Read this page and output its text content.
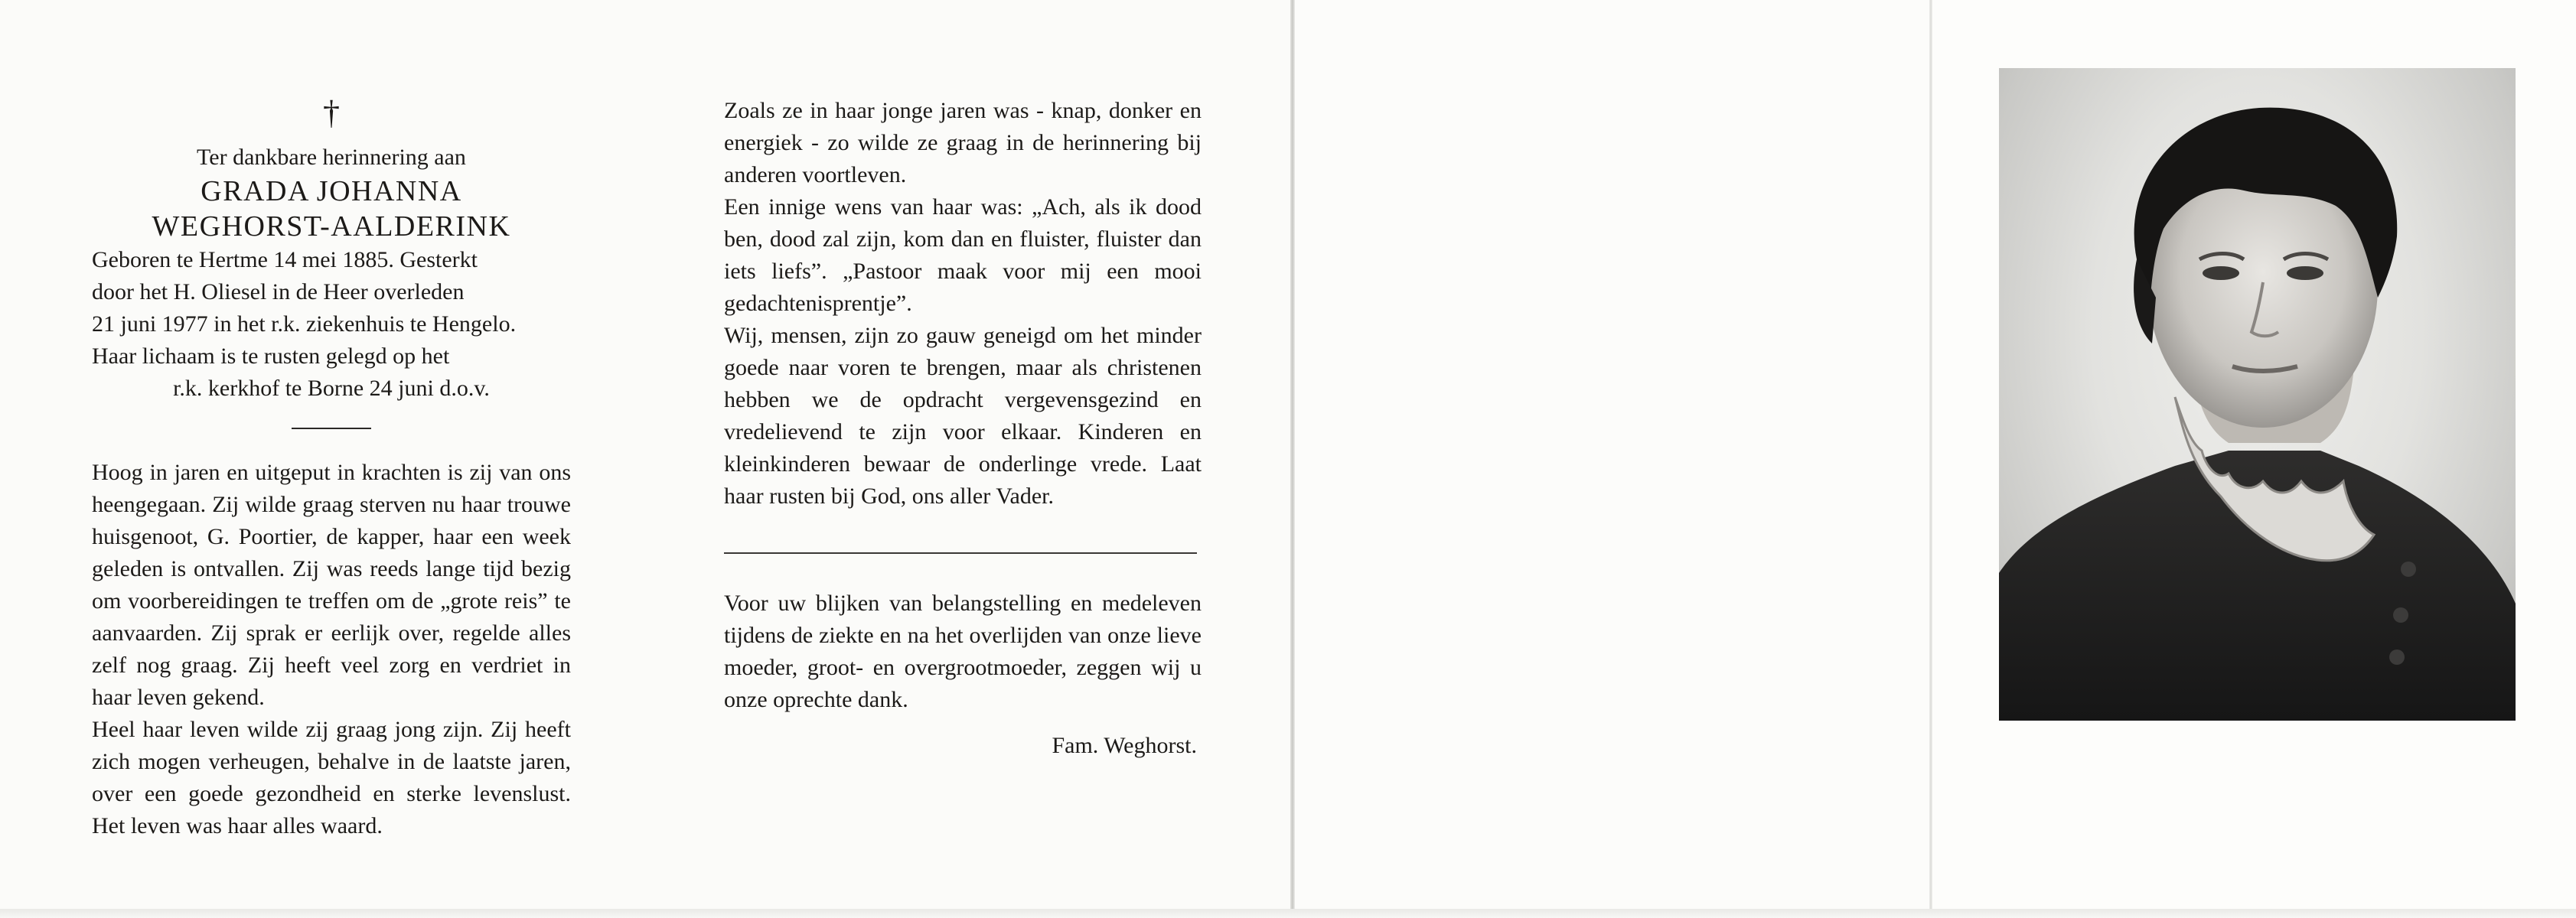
†

Ter dankbare herinnering aan

GRADA JOHANNA

WEGHORST-AALDERINK

Geboren te Hertme 14 mei 1885. Gesterkt

door het H. Oliesel in de Heer overleden

21 juni 1977 in het r.k. ziekenhuis te Hengelo.

Haar lichaam is te rusten gelegd op het

r.k. kerkhof te Borne 24 juni d.o.v.

Hoog in jaren en uitgeput in krachten is zij van ons heengegaan. Zij wilde graag sterven nu haar trouwe huisgenoot, G. Poortier, de kapper, haar een week geleden is ontvallen. Zij was reeds lange tijd bezig om voorbereidingen te treffen om de „grote reis” te aanvaarden. Zij sprak er eerlijk over, regelde alles zelf nog graag. Zij heeft veel zorg en verdriet in haar leven gekend.

Heel haar leven wilde zij graag jong zijn. Zij heeft zich mogen verheugen, behalve in de laatste jaren, over een goede gezondheid en sterke levenslust. Het leven was haar alles waard.

Zoals ze in haar jonge jaren was - knap, donker en energiek - zo wilde ze graag in de herinnering bij anderen voortleven.

Een innige wens van haar was: „Ach, als ik dood ben, dood zal zijn, kom dan en fluister, fluister dan iets liefs”. „Pastoor maak voor mij een mooi gedachtenisprentje”.

Wij, mensen, zijn zo gauw geneigd om het minder goede naar voren te brengen, maar als christenen hebben we de opdracht vergevensgezind en vredelievend te zijn voor elkaar. Kinderen en kleinkinderen bewaar de onderlinge vrede. Laat haar rusten bij God, ons aller Vader.

Voor uw blijken van belangstelling en medeleven tijdens de ziekte en na het overlijden van onze lieve moeder, groot- en overgrootmoeder, zeggen wij u onze oprechte dank.

Fam. Weghorst.
